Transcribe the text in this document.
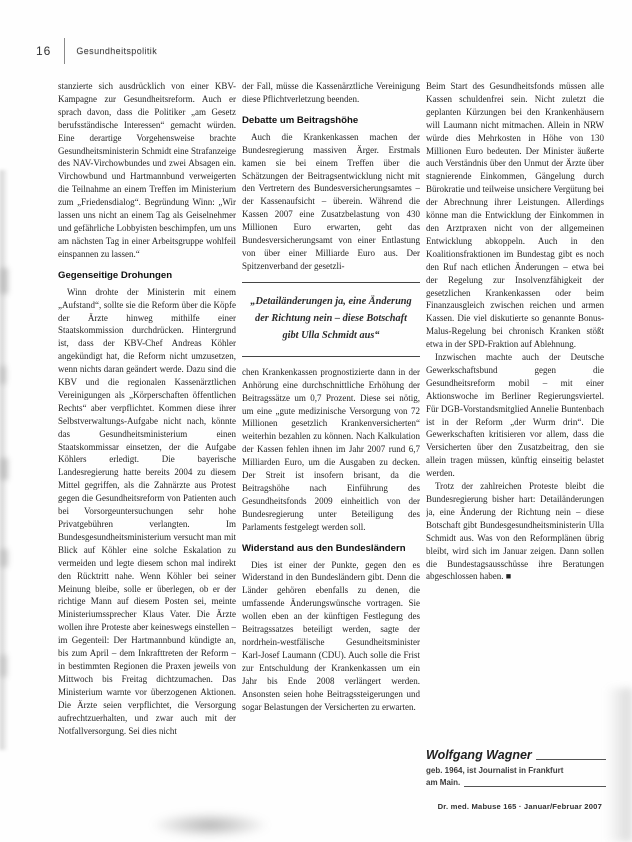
16	Gesundheitspolitik

stanzierte sich ausdrücklich von einer KBV-Kampagne zur Gesundheitsreform. Auch er sprach davon, dass die Politiker „am Gesetz berufsständische Interessen“ gemacht würden. Eine derartige Vorgehensweise brachte Gesundheitsministerin Schmidt eine Strafanzeige des NAV-Virchowbundes und zwei Absagen ein. Virchowbund und Hartmannbund verweigerten die Teilnahme an einem Treffen im Ministerium zum „Friedensdialog“. Begründung Winn: „Wir lassen uns nicht an einem Tag als Geiselnehmer und gefährliche Lobbyisten beschimpfen, um uns am nächsten Tag in einer Arbeitsgruppe wohlfeil einspannen zu lassen.“

Gegenseitige Drohungen

Winn drohte der Ministerin mit einem „Aufstand“, sollte sie die Reform über die Köpfe der Ärzte hinweg mithilfe einer Staatskommission durchdrücken. Hintergrund ist, dass der KBV-Chef Andreas Köhler angekündigt hat, die Reform nicht umzusetzen, wenn nichts daran geändert werde. Dazu sind die KBV und die regionalen Kassenärztlichen Vereinigungen als „Körperschaften öffentlichen Rechts“ aber verpflichtet. Kommen diese ihrer Selbstverwaltungs-Aufgabe nicht nach, könnte das Gesundheitsministerium einen Staatskommissar einsetzen, der die Aufgabe Köhlers erledigt. Die bayerische Landesregierung hatte bereits 2004 zu diesem Mittel gegriffen, als die Zahnärzte aus Protest gegen die Gesundheitsreform von Patienten auch bei Vorsorgeuntersuchungen sehr hohe Privatgebühren verlangten. Im Bundesgesundheitsministerium versucht man mit Blick auf Köhler eine solche Eskalation zu vermeiden und legte diesem schon mal indirekt den Rücktritt nahe. Wenn Köhler bei seiner Meinung bleibe, solle er überlegen, ob er der richtige Mann auf diesem Posten sei, meinte Ministeriumssprecher Klaus Vater. Die Ärzte wollen ihre Proteste aber keineswegs einstellen – im Gegenteil: Der Hartmannbund kündigte an, bis zum April – dem Inkrafttreten der Reform – in bestimmten Regionen die Praxen jeweils von Mittwoch bis Freitag dichtzumachen. Das Ministerium warnte vor überzogenen Aktionen. Die Ärzte seien verpflichtet, die Versorgung aufrechtzuerhalten, und zwar auch mit der Notfallversorgung. Sei dies nicht

der Fall, müsse die Kassenärztliche Vereinigung diese Pflichtverletzung beenden.

Debatte um Beitragshöhe

Auch die Krankenkassen machen der Bundesregierung massiven Ärger. Erstmals kamen sie bei einem Treffen über die Schätzungen der Beitragsentwicklung nicht mit den Vertretern des Bundesversicherungsamtes – der Kassenaufsicht – überein. Während die Kassen 2007 eine Zusatzbelastung von 430 Millionen Euro erwarten, geht das Bundesversicherungsamt von einer Entlastung von über einer Milliarde Euro aus. Der Spitzenverband der gesetzli-

„Detailänderungen ja, eine Änderung der Richtung nein – diese Botschaft gibt Ulla Schmidt aus“

chen Krankenkassen prognostizierte dann in der Anhörung eine durchschnittliche Erhöhung der Beitragssätze um 0,7 Prozent. Diese sei nötig, um eine „gute medizinische Versorgung von 72 Millionen gesetzlich Krankenversicherten“ weiterhin bezahlen zu können. Nach Kalkulation der Kassen fehlen ihnen im Jahr 2007 rund 6,7 Milliarden Euro, um die Ausgaben zu decken. Der Streit ist insofern brisant, da die Beitragshöhe nach Einführung des Gesundheitsfonds 2009 einheitlich von der Bundesregierung unter Beteiligung des Parlaments festgelegt werden soll.

Widerstand aus den Bundesländern

Dies ist einer der Punkte, gegen den es Widerstand in den Bundesländern gibt. Denn die Länder gehören ebenfalls zu denen, die umfassende Änderungswünsche vortragen. Sie wollen eben an der künftigen Festlegung des Beitragssatzes beteiligt werden, sagte der nordrhein-westfälische Gesundheitsminister Karl-Josef Laumann (CDU). Auch solle die Frist zur Entschuldung der Krankenkassen um ein Jahr bis Ende 2008 verlängert werden. Ansonsten seien hohe Beitragssteigerungen und sogar Belastungen der Versicherten zu erwarten.

Beim Start des Gesundheitsfonds müssen alle Kassen schuldenfrei sein. Nicht zuletzt die geplanten Kürzungen bei den Krankenhäusern will Laumann nicht mitmachen. Allein in NRW würde dies Mehrkosten in Höhe von 130 Millionen Euro bedeuten. Der Minister äußerte auch Verständnis über den Unmut der Ärzte über stagnierende Einkommen, Gängelung durch Bürokratie und teilweise unsichere Vergütung bei der Abrechnung ihrer Leistungen. Allerdings könne man die Entwicklung der Einkommen in den Arztpraxen nicht von der allgemeinen Entwicklung abkoppeln. Auch in den Koalitionsfraktionen im Bundestag gibt es noch den Ruf nach etlichen Änderungen – etwa bei der Regelung zur Insolvenzfähigkeit der gesetzlichen Krankenkassen oder beim Finanzausgleich zwischen reichen und armen Kassen. Die viel diskutierte so genannte Bonus-Malus-Regelung bei chronisch Kranken stößt etwa in der SPD-Fraktion auf Ablehnung.

Inzwischen machte auch der Deutsche Gewerkschaftsbund gegen die Gesundheitsreform mobil – mit einer Aktionswoche im Berliner Regierungsviertel. Für DGB-Vorstandsmitglied Annelie Buntenbach ist in der Reform „der Wurm drin“. Die Gewerkschaften kritisieren vor allem, dass die Versicherten über den Zusatzbeitrag, den sie allein tragen müssen, künftig einseitig belastet werden.

Trotz der zahlreichen Proteste bleibt die Bundesregierung bisher hart: Detailänderungen ja, eine Änderung der Richtung nein – diese Botschaft gibt Bundesgesundheitsministerin Ulla Schmidt aus. Was von den Reformplänen übrig bleibt, wird sich im Januar zeigen. Dann sollen die Bundestagsausschüsse ihre Beratungen abgeschlossen haben. ■

Wolfgang Wagner
geb. 1964, ist Journalist in Frankfurt
am Main.
Dr. med. Mabuse 165 · Januar/Februar 2007
